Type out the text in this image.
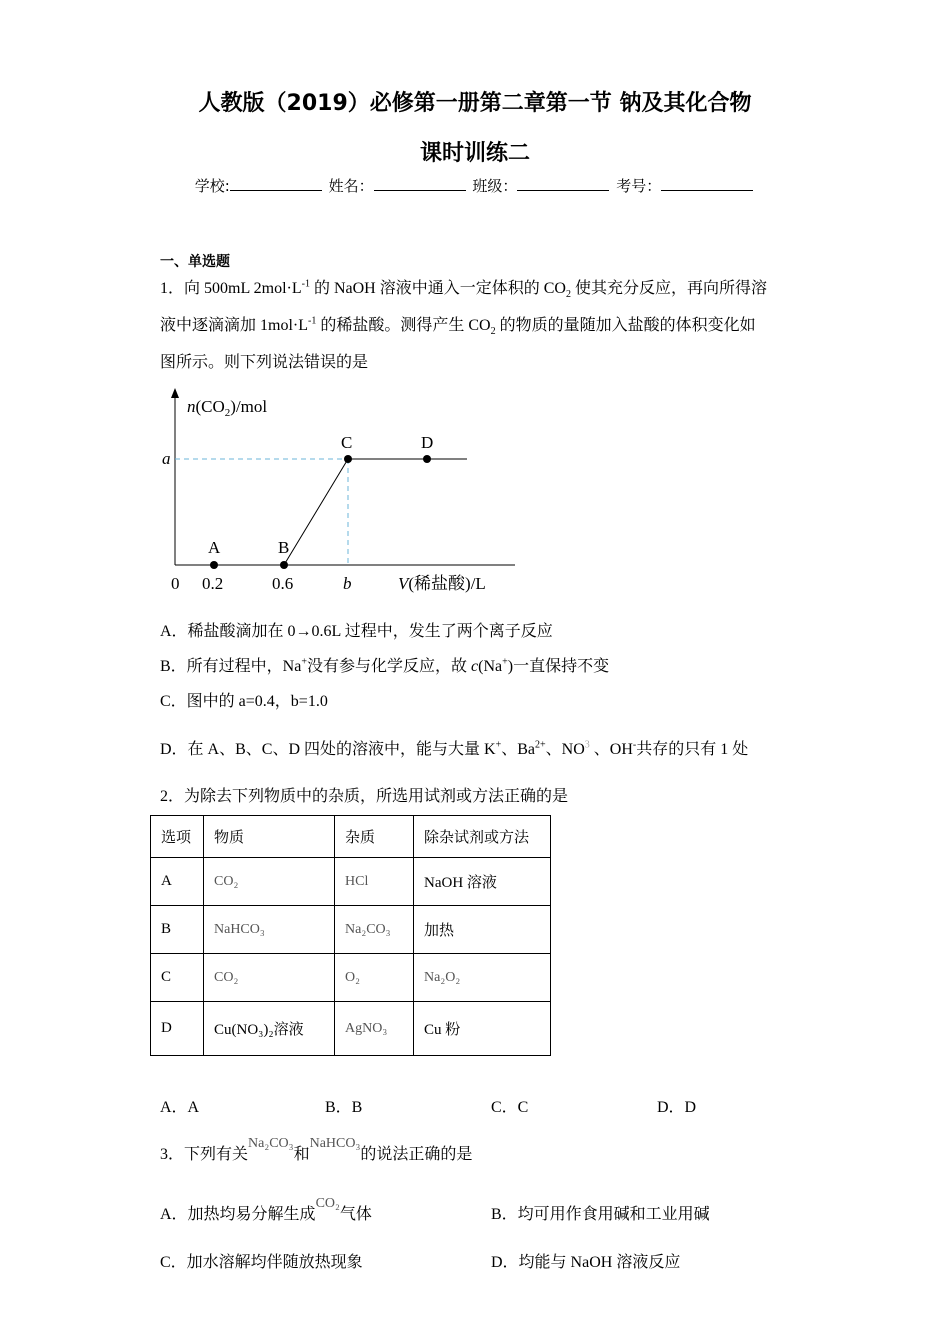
人教版（2019）必修第一册第二章第一节 钠及其化合物
课时训练二
学校:	姓名：	班级：	考号：
一、单选题
1．向 500mL $2mol\cdot L^{-1}$ 的 NaOH 溶液中通入一定体积的 $CO_2$ 使其充分反应，再向所得溶
液中逐滴滴加 $1mol\cdot L^{-1}$ 的稀盐酸。测得产生 $CO_2$ 的物质的量随加入盐酸的体积变化如
图所示。则下列说法错误的是
A	B
C	D
a
0 0.2	0.6	b
$n(CO_2)$/mol
V(稀盐酸)/L
A．稀盐酸滴加在 0→0.6L 过程中，发生了两个离子反应
B．所有过程中，Na+没有参与化学反应，故 c(Na+)一直保持不变
C．图中的 a=0.4，b=1.0
D．在 A、B、C、D 四处的溶液中，能与大量 K+、$Ba^{2+}$、$NO^3$ 、OH-共存的只有 1 处
2．为除去下列物质中的杂质，所选用试剂或方法正确的是
选项	物质	杂质	除杂试剂或方法
A	CO₂	HCl	NaOH 溶液
B	NaHCO₃	Na₂CO₃	加热
C	CO₂	O₂	Na₂O₂
D	Cu(NO₃)₂溶液	AgNO₃	Cu 粉
A．A	B．B	C．C	D．D
3．下列有关Na₂CO₃和NaHCO₃的说法正确的是
A．加热均易分解生成CO₂气体	B．均可用作食用碱和工业用碱
C．加水溶解均伴随放热现象	D．均能与 NaOH 溶液反应
